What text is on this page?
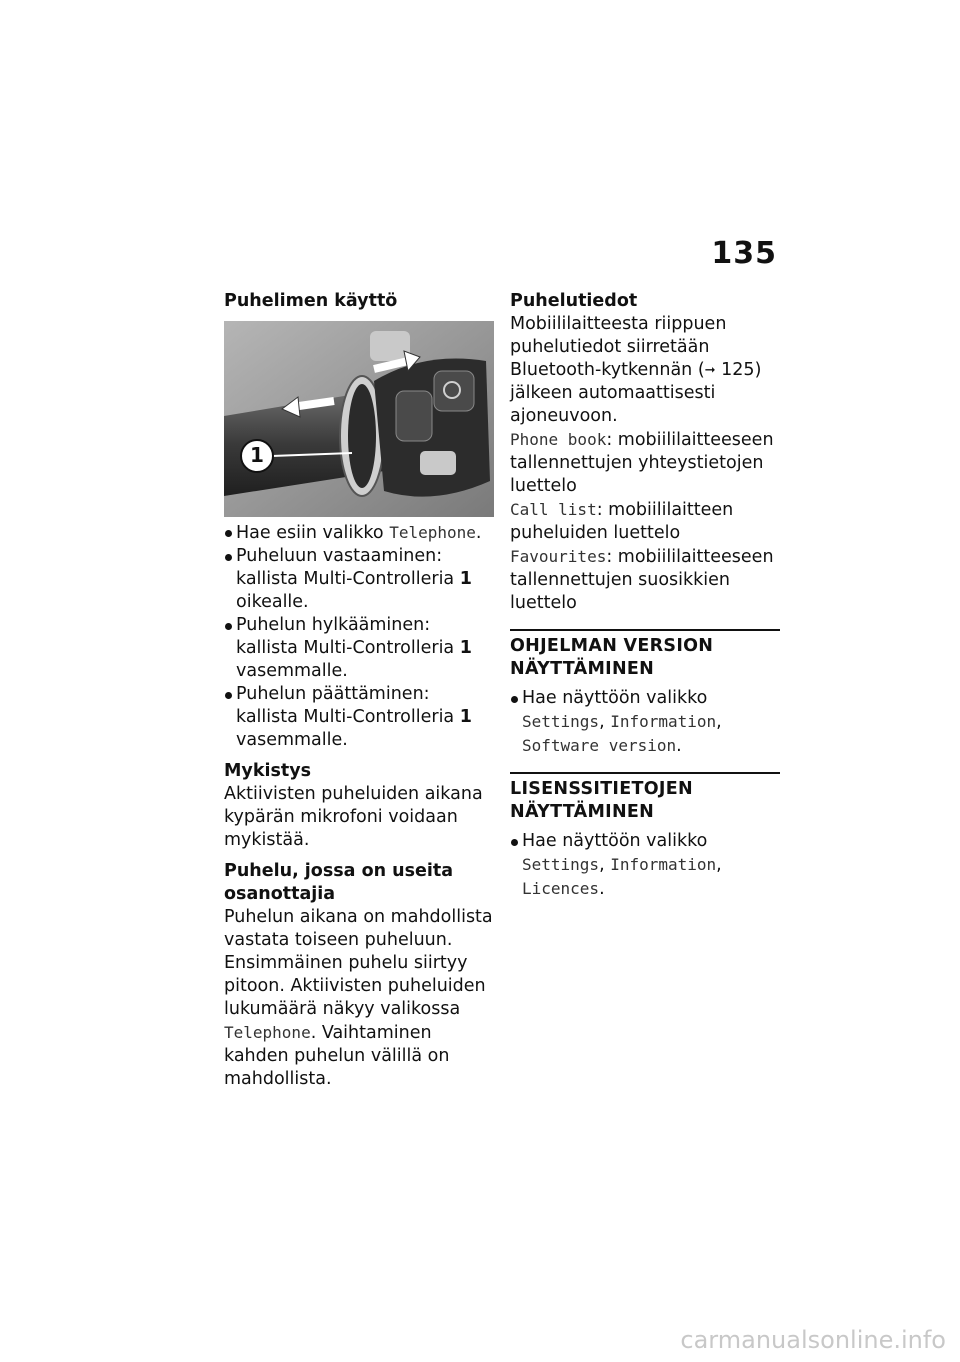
135
Puhelimen käyttö
1
Hae esiin valikko Telephone.
Puheluun vastaaminen: kallista Multi-Controlleria 1 oikealle.
Puhelun hylkääminen: kallista Multi-Controlleria 1 vasemmalle.
Puhelun päättäminen: kallista Multi-Controlleria 1 vasemmalle.
Mykistys

Aktiivisten puheluiden aikana kypärän mikrofoni voidaan mykistää.

Puhelu, jossa on useita osanottajia

Puhelun aikana on mahdollista vastata toiseen puheluun. Ensimmäinen puhelu siirtyy pitoon. Aktiivisten puheluiden lukumäärä näkyy valikossa Telephone. Vaihtaminen kahden puhelun välillä on mahdollista.

Puhelutiedot

Mobiililaitteesta riippuen puhelutiedot siirretään Bluetooth-kytkennän (➞ 125) jälkeen automaattisesti ajoneuvoon.

Phone book: mobiililaitteeseen tallennettujen yhteystietojen luettelo

Call list: mobiililaitteen puheluiden luettelo

Favourites: mobiililaitteeseen tallennettujen suosikkien luettelo

OHJELMAN VERSION NÄYTTÄMINEN
Hae näyttöön valikko
Settings, Information, Software version.
LISENSSITIETOJEN NÄYTTÄMINEN
Hae näyttöön valikko
Settings, Information, Licences.
carmanualsonline.info
